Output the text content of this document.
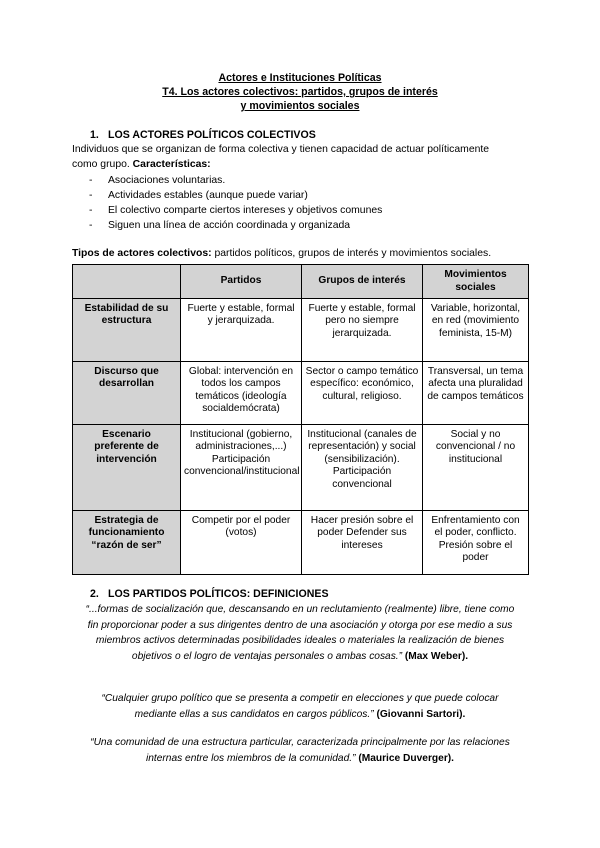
Actores e Instituciones Políticas
T4. Los actores colectivos: partidos, grupos de interés
y movimientos sociales
1. LOS ACTORES POLÍTICOS COLECTIVOS
Individuos que se organizan de forma colectiva y tienen capacidad de actuar políticamente
como grupo. Características:
- Asociaciones voluntarias.
- Actividades estables (aunque puede variar)
- El colectivo comparte ciertos intereses y objetivos comunes
- Siguen una línea de acción coordinada y organizada
Tipos de actores colectivos: partidos políticos, grupos de interés y movimientos sociales.
	Partidos	Grupos de interés	Movimientos sociales
Estabilidad de su estructura	Fuerte y estable, formal y jerarquizada.	Fuerte y estable, formal pero no siempre jerarquizada.	Variable, horizontal, en red (movimiento feminista, 15-M)
Discurso que desarrollan	Global: intervención en todos los campos temáticos (ideología socialdemócrata)	Sector o campo temático específico: económico, cultural, religioso.	Transversal, un tema afecta una pluralidad de campos temáticos
Escenario preferente de intervención	Institucional (gobierno, administraciones,...) Participación convencional/institucional	Institucional (canales de representación) y social (sensibilización). Participación convencional	Social y no convencional / no institucional
Estrategia de funcionamiento “razón de ser”	Competir por el poder (votos)	Hacer presión sobre el poder Defender sus intereses	Enfrentamiento con el poder, conflicto. Presión sobre el poder
2. LOS PARTIDOS POLÍTICOS: DEFINICIONES
“...formas de socialización que, descansando en un reclutamiento (realmente) libre, tiene como fin proporcionar poder a sus dirigentes dentro de una asociación y otorga por ese medio a sus miembros activos determinadas posibilidades ideales o materiales la realización de bienes objetivos o el logro de ventajas personales o ambas cosas.” (Max Weber).
“Cualquier grupo político que se presenta a competir en elecciones y que puede colocar mediante ellas a sus candidatos en cargos públicos.” (Giovanni Sartori).
“Una comunidad de una estructura particular, caracterizada principalmente por las relaciones internas entre los miembros de la comunidad.” (Maurice Duverger).
